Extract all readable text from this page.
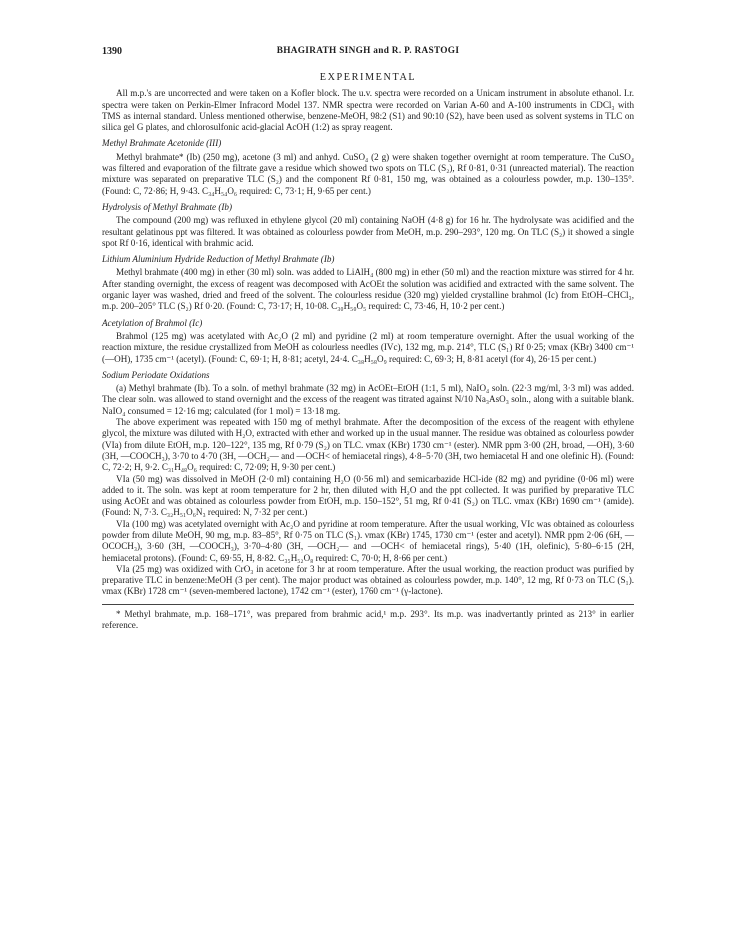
1390	BHAGIRATH SINGH and R. P. RASTOGI
EXPERIMENTAL

All m.p.'s are uncorrected and were taken on a Kofler block. The u.v. spectra were recorded on a Unicam instrument in absolute ethanol. I.r. spectra were taken on Perkin-Elmer Infracord Model 137. NMR spectra were recorded on Varian A-60 and A-100 instruments in CDCl₃ with TMS as internal standard. Unless mentioned otherwise, benzene-MeOH, 98:2 (S1) and 90:10 (S2), have been used as solvent systems in TLC on silica gel G plates, and chlorosulfonic acid-glacial AcOH (1:2) as spray reagent.

Methyl Brahmate Acetonide (III)

Methyl brahmate* (Ib) (250 mg), acetone (3 ml) and anhyd. CuSO₄ (2 g) were shaken together overnight at room temperature. The CuSO₄ was filtered and evaporation of the filtrate gave a residue which showed two spots on TLC (S₂), Rf 0·81, 0·31 (unreacted material). The reaction mixture was separated on preparative TLC (S₂) and the component Rf 0·81, 150 mg, was obtained as a colourless powder, m.p. 130–135°. (Found: C, 72·86; H, 9·43. C₃₄H₅₄O₆ required: C, 73·1; H, 9·65 per cent.)

Hydrolysis of Methyl Brahmate (Ib)

The compound (200 mg) was refluxed in ethylene glycol (20 ml) containing NaOH (4·8 g) for 16 hr. The hydrolysate was acidified and the resultant gelatinous ppt was filtered. It was obtained as colourless powder from MeOH, m.p. 290–293°, 120 mg. On TLC (S₂) it showed a single spot Rf 0·16, identical with brahmic acid.

Lithium Aluminium Hydride Reduction of Methyl Brahmate (Ib)

Methyl brahmate (400 mg) in ether (30 ml) soln. was added to LiAlH₄ (800 mg) in ether (50 ml) and the reaction mixture was stirred for 4 hr. After standing overnight, the excess of reagent was decomposed with AcOEt the solution was acidified and extracted with the same solvent. The organic layer was washed, dried and freed of the solvent. The colourless residue (320 mg) yielded crystalline brahmol (Ic) from EtOH–CHCl₃, m.p. 200–205° TLC (S₂) Rf 0·20. (Found: C, 73·17; H, 10·08. C₃₀H₅₀O₅ required: C, 73·46, H, 10·2 per cent.)

Acetylation of Brahmol (Ic)

Brahmol (125 mg) was acetylated with Ac₂O (2 ml) and pyridine (2 ml) at room temperature overnight. After the usual working of the reaction mixture, the residue crystallized from MeOH as colourless needles (IVc), 132 mg, m.p. 214°, TLC (S₁) Rf 0·25; νmax (KBr) 3400 cm⁻¹ (—OH), 1735 cm⁻¹ (acetyl). (Found: C, 69·1; H, 8·81; acetyl, 24·4. C₃₈H₅₈O₉ required: C, 69·3; H, 8·81 acetyl (for 4), 26·15 per cent.)

Sodium Periodate Oxidations

(a) Methyl brahmate (Ib). To a soln. of methyl brahmate (32 mg) in AcOEt–EtOH (1:1, 5 ml), NaIO₄ soln. (22·3 mg/ml, 3·3 ml) was added. The clear soln. was allowed to stand overnight and the excess of the reagent was titrated against N/10 Na₃AsO₃ soln., along with a suitable blank. NaIO₄ consumed = 12·16 mg; calculated (for 1 mol) = 13·18 mg.

The above experiment was repeated with 150 mg of methyl brahmate. After the decomposition of the excess of the reagent with ethylene glycol, the mixture was diluted with H₂O, extracted with ether and worked up in the usual manner. The residue was obtained as colourless powder (VIa) from dilute EtOH, m.p. 120–122°, 135 mg, Rf 0·79 (S₂) on TLC. νmax (KBr) 1730 cm⁻¹ (ester). NMR ppm 3·00 (2H, broad, —OH), 3·60 (3H, —COOCH₃), 3·70 to 4·70 (3H, —OCH₂— and —OCH< of hemiacetal rings), 4·8–5·70 (3H, two hemiacetal H and one olefinic H). (Found: C, 72·2; H, 9·2. C₃₁H₄₈O₆ required: C, 72·09; H, 9·30 per cent.)

VIa (50 mg) was dissolved in MeOH (2·0 ml) containing H₂O (0·56 ml) and semicarbazide HCl-ide (82 mg) and pyridine (0·06 ml) were added to it. The soln. was kept at room temperature for 2 hr, then diluted with H₂O and the ppt collected. It was purified by preparative TLC using AcOEt and was obtained as colourless powder from EtOH, m.p. 150–152°, 51 mg, Rf 0·41 (S₂) on TLC. νmax (KBr) 1690 cm⁻¹ (amide). (Found: N, 7·3. C₃₂H₅₁O₆N₃ required: N, 7·32 per cent.)

VIa (100 mg) was acetylated overnight with Ac₂O and pyridine at room temperature. After the usual working, VIc was obtained as colourless powder from dilute MeOH, 90 mg, m.p. 83–85°, Rf 0·75 on TLC (S₁). νmax (KBr) 1745, 1730 cm⁻¹ (ester and acetyl). NMR ppm 2·06 (6H, —OCOCH₃), 3·60 (3H, —COOCH₃), 3·70–4·80 (3H, —OCH₂— and —OCH< of hemiacetal rings), 5·40 (1H, olefinic), 5·80–6·15 (2H, hemiacetal protons). (Found: C, 69·55, H, 8·82. C₃₅H₅₂O₈ required: C, 70·0; H, 8·66 per cent.)

VIa (25 mg) was oxidized with CrO₃ in acetone for 3 hr at room temperature. After the usual working, the reaction product was purified by preparative TLC in benzene:MeOH (3 per cent). The major product was obtained as colourless powder, m.p. 140°, 12 mg, Rf 0·73 on TLC (S₁). νmax (KBr) 1728 cm⁻¹ (seven-membered lactone), 1742 cm⁻¹ (ester), 1760 cm⁻¹ (γ-lactone).

* Methyl brahmate, m.p. 168–171°, was prepared from brahmic acid,¹ m.p. 293°. Its m.p. was inadvertantly printed as 213° in earlier reference.
